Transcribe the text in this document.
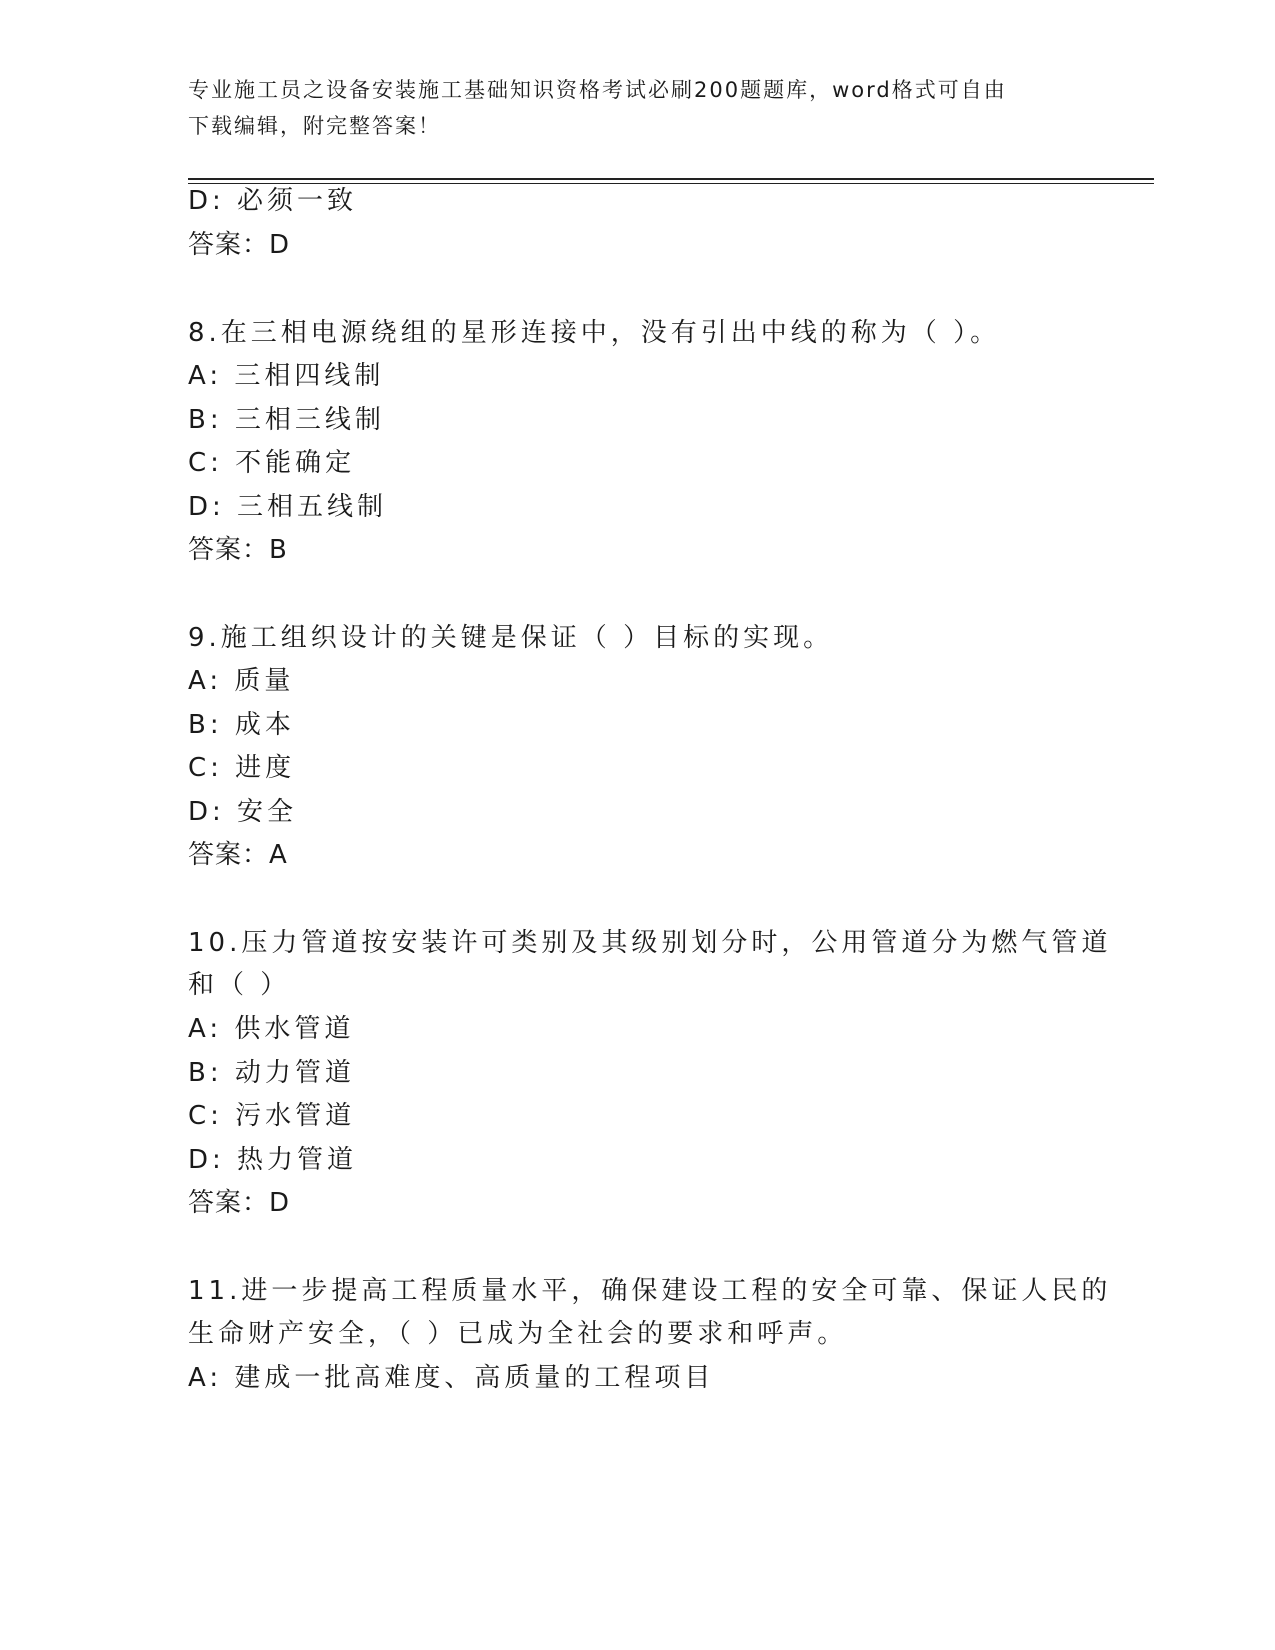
专业施工员之设备安装施工基础知识资格考试必刷200题题库，word格式可自由
下载编辑，附完整答案！
D: 必须一致
答案：D
8.在三相电源绕组的星形连接中，没有引出中线的称为（ ）。
A: 三相四线制
B: 三相三线制
C: 不能确定
D: 三相五线制
答案：B
9.施工组织设计的关键是保证（ ）目标的实现。
A: 质量
B: 成本
C: 进度
D: 安全
答案：A
10.压力管道按安装许可类别及其级别划分时，公用管道分为燃气管道
和（ ）
A: 供水管道
B: 动力管道
C: 污水管道
D: 热力管道
答案：D
11.进一步提高工程质量水平，确保建设工程的安全可靠、保证人民的
生命财产安全，（ ）已成为全社会的要求和呼声。
A: 建成一批高难度、高质量的工程项目
